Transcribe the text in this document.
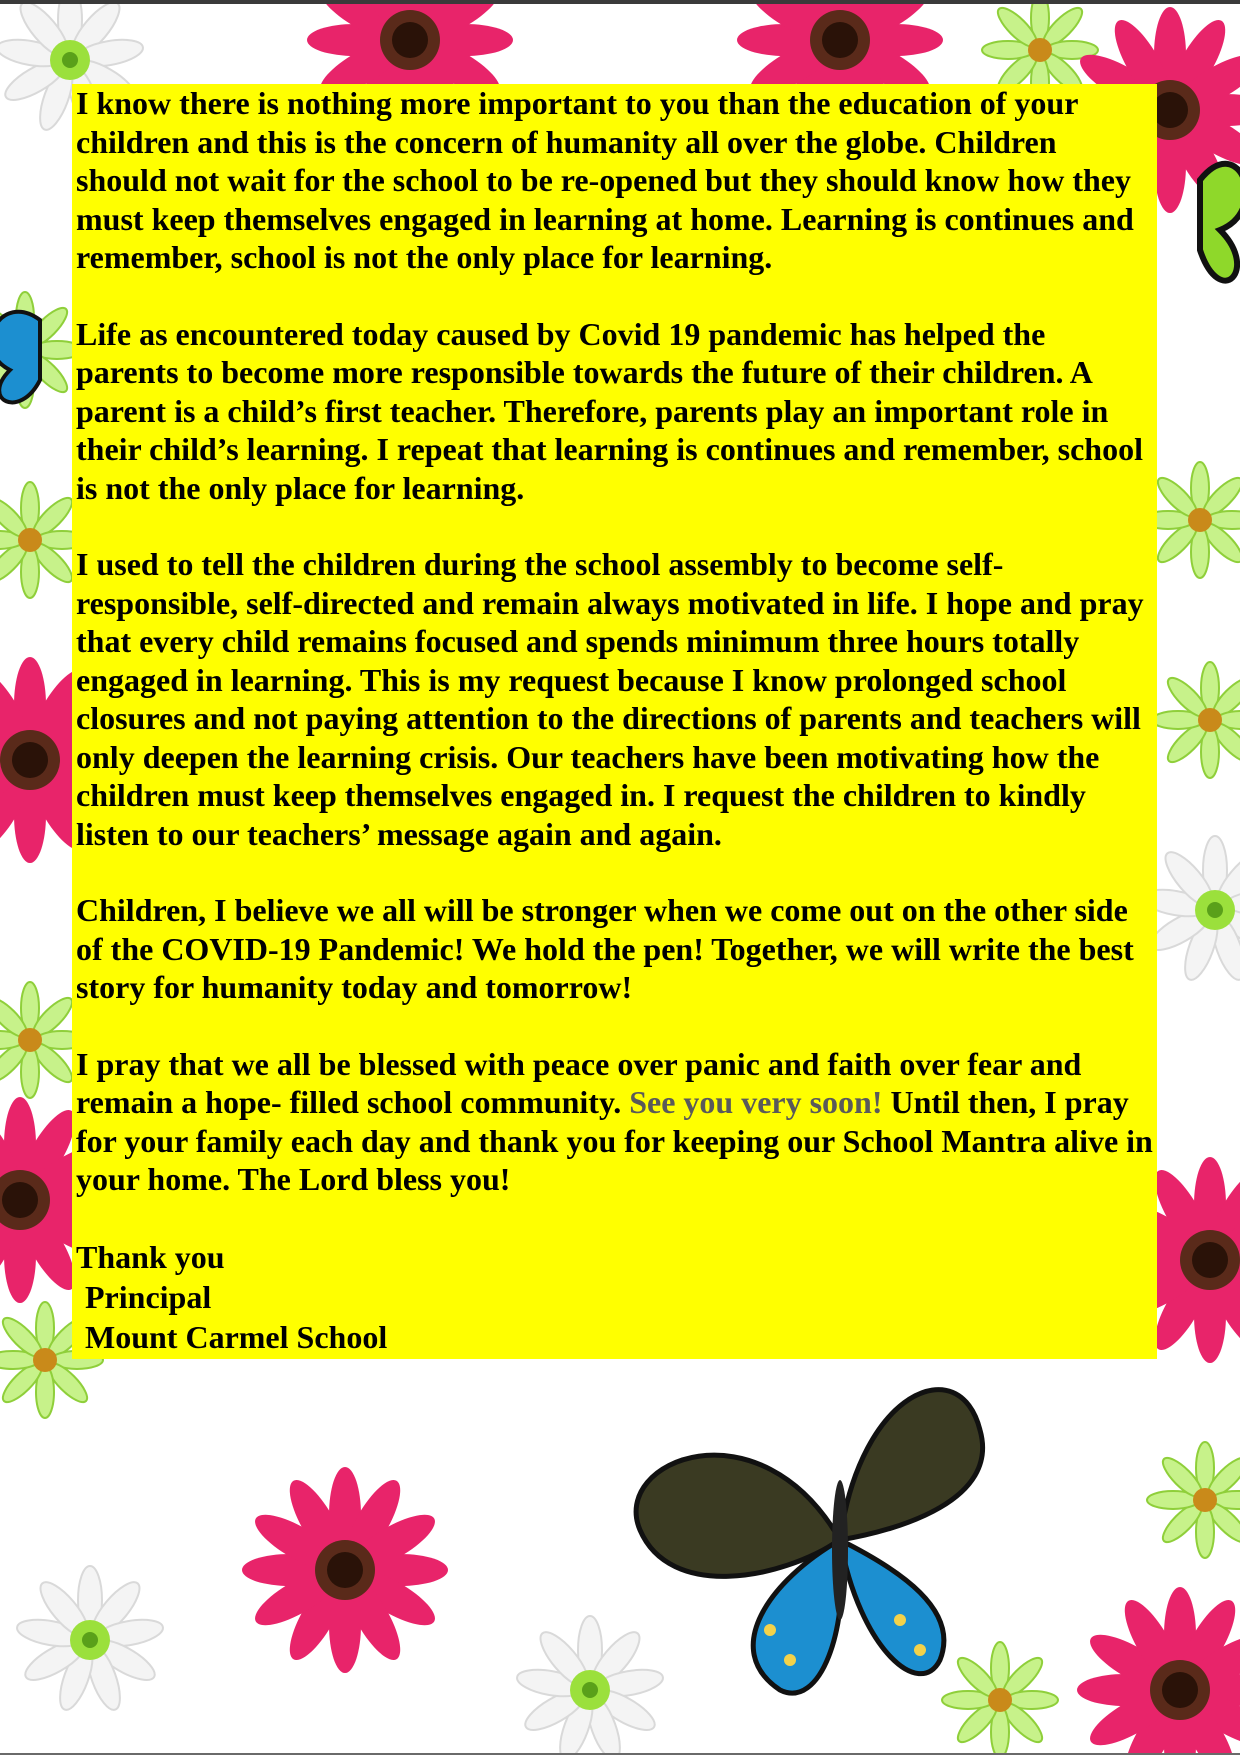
I know there is nothing more important to you than the education of your children and this is the concern of humanity all over the globe. Children should not wait for the school to be re-opened but they should know how they must keep themselves engaged in learning at home. Learning is continues and remember, school is not the only place for learning.

Life as encountered today caused by Covid 19 pandemic has helped the parents to become more responsible towards the future of their children. A parent is a child’s first teacher. Therefore, parents play an important role in their child’s learning. I repeat that learning is continues and remember, school is not the only place for learning.

I used to tell the children during the school assembly to become self-responsible, self-directed and remain always motivated in life. I hope and pray that every child remains focused and spends minimum three hours totally engaged in learning. This is my request because I know prolonged school closures and not paying attention to the directions of parents and teachers will only deepen the learning crisis. Our teachers have been motivating how the children must keep themselves engaged in. I request the children to kindly listen to our teachers’ message again and again.

Children, I believe we all will be stronger when we come out on the other side of the COVID-19 Pandemic! We hold the pen! Together, we will write the best story for humanity today and tomorrow!

I pray that we all be blessed with peace over panic and faith over fear and remain a hope- filled school community. See you very soon! Until then, I pray for your family each day and thank you for keeping our School Mantra alive in your home. The Lord bless you!

Thank you
Principal
Mount Carmel School
